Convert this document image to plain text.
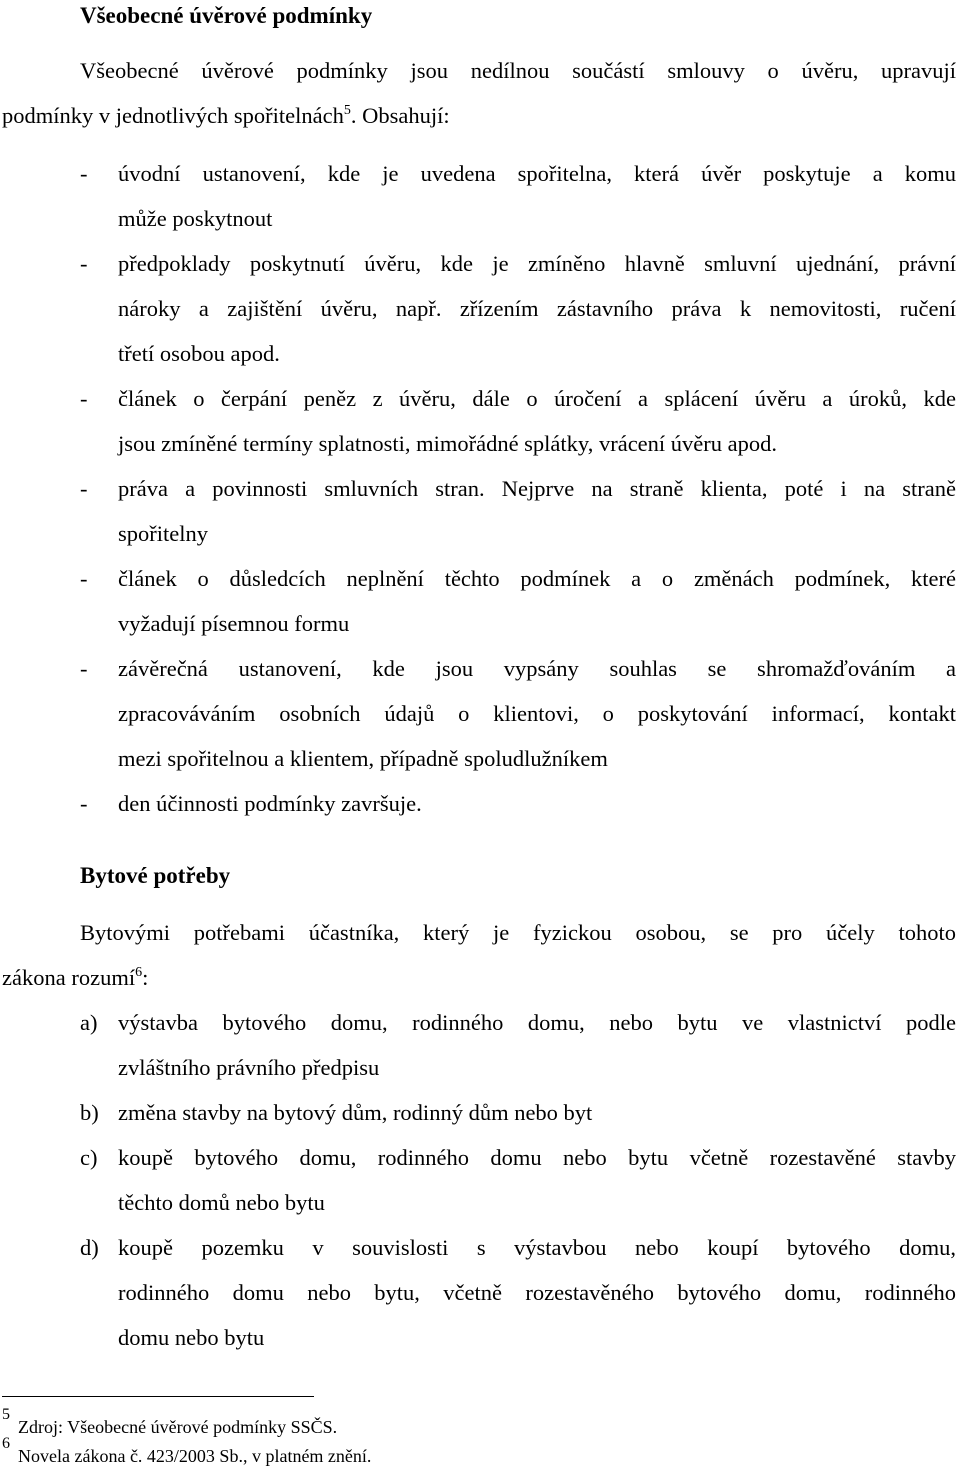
Všeobecné úvěrové podmínky
Všeobecné úvěrové podmínky jsou nedílnou součástí smlouvy o úvěru, upravují
podmínky v jednotlivých spořitelnách$^5$. Obsahují:
- úvodní ustanovení, kde je uvedena spořitelna, která úvěr poskytuje a komu
může poskytnout
- předpoklady poskytnutí úvěru, kde je zmíněno hlavně smluvní ujednání, právní
nároky a zajištění úvěru, např. zřízením zástavního práva k nemovitosti, ručení
třetí osobou apod.
- článek o čerpání peněz z úvěru, dále o úročení a splácení úvěru a úroků, kde
jsou zmíněné termíny splatnosti, mimořádné splátky, vrácení úvěru apod.
- práva a povinnosti smluvních stran. Nejprve na straně klienta, poté i na straně
spořitelny
- článek o důsledcích neplnění těchto podmínek a o změnách podmínek, které
vyžadují písemnou formu
- závěrečná ustanovení, kde jsou vypsány souhlas se shromažďováním a
zpracováváním osobních údajů o klientovi, o poskytování informací, kontakt
mezi spořitelnou a klientem, případně spoludlužníkem
- den účinnosti podmínky završuje.
Bytové potřeby
Bytovými potřebami účastníka, který je fyzickou osobou, se pro účely tohoto
zákona rozumí$^6$:
a) výstavba bytového domu, rodinného domu, nebo bytu ve vlastnictví podle
zvláštního právního předpisu
b) změna stavby na bytový dům, rodinný dům nebo byt
c) koupě bytového domu, rodinného domu nebo bytu včetně rozestavěné stavby
těchto domů nebo bytu
d) koupě pozemku v souvislosti s výstavbou nebo koupí bytového domu,
rodinného domu nebo bytu, včetně rozestavěného bytového domu, rodinného
domu nebo bytu
5
Zdroj: Všeobecné úvěrové podmínky SSČS.
6
Novela zákona č. 423/2003 Sb., v platném znění.
